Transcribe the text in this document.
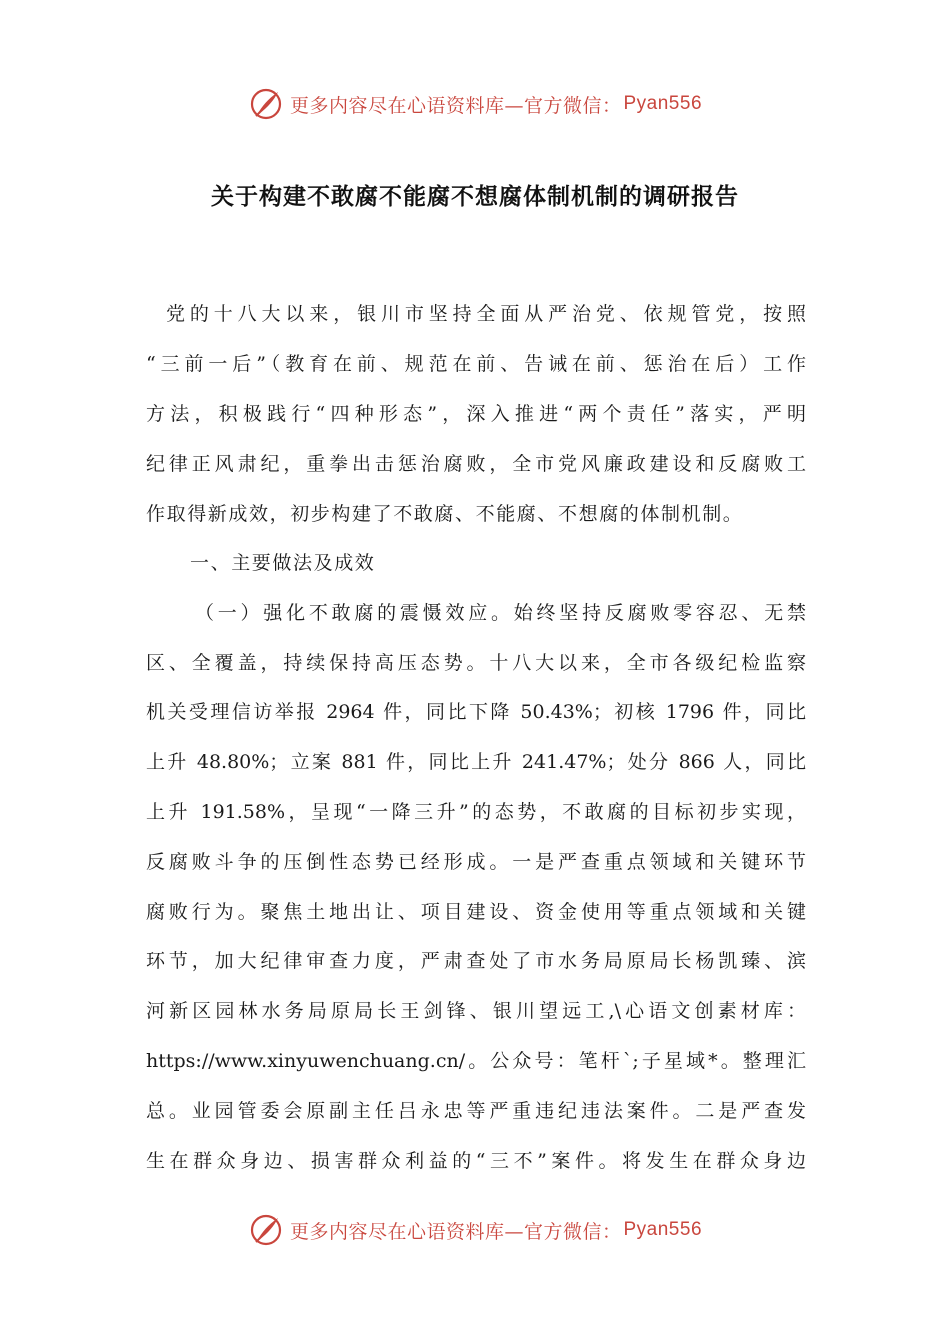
更多内容尽在心语资料库—官方微信： Pyan556
关于构建不敢腐不能腐不想腐体制机制的调研报告
党的十八大以来，银川市坚持全面从严治党、依规管党，按照
“三前一后”（教育在前、规范在前、告诫在前、惩治在后）工作
方法，积极践行“四种形态”，深入推进“两个责任”落实，严明
纪律正风肃纪，重拳出击惩治腐败，全市党风廉政建设和反腐败工
作取得新成效，初步构建了不敢腐、不能腐、不想腐的体制机制。
一、主要做法及成效
（一）强化不敢腐的震慑效应。始终坚持反腐败零容忍、无禁
区、全覆盖，持续保持高压态势。十八大以来，全市各级纪检监察
机关受理信访举报 2964 件，同比下降 50.43%；初核 1796 件，同比
上升 48.80%；立案 881 件，同比上升 241.47%；处分 866 人，同比
上升 191.58%，呈现“一降三升”的态势，不敢腐的目标初步实现，
反腐败斗争的压倒性态势已经形成。一是严查重点领域和关键环节
腐败行为。聚焦土地出让、项目建设、资金使用等重点领域和关键
环节，加大纪律审查力度，严肃查处了市水务局原局长杨凯臻、滨
河新区园林水务局原局长王剑锋、银川望远工,\心语文创素材库：
https://www.xinyuwenchuang.cn/。公众号：笔杆`;子星域*。整理汇
总。业园管委会原副主任吕永忠等严重违纪违法案件。二是严查发
生在群众身边、损害群众利益的“三不”案件。将发生在群众身边
更多内容尽在心语资料库—官方微信： Pyan556
